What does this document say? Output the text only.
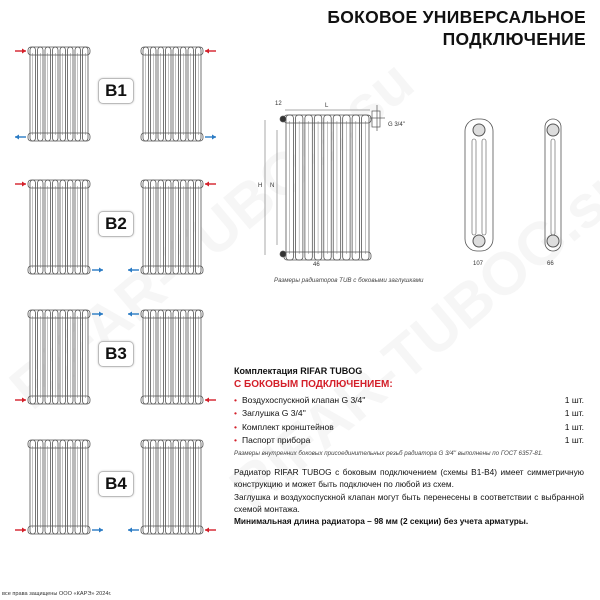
БОКОВОЕ УНИВЕРСАЛЬНОЕ
ПОДКЛЮЧЕНИЕ
B1
B2
B3
B4
12	L
G 3/4''
H N
46	107	66
Размеры радиаторов TUB с боковыми заглушками
Комплектация RIFAR TUBOG
С БОКОВЫМ ПОДКЛЮЧЕНИЕМ:
• Воздухоспускной клапан G 3/4''	1 шт.
• Заглушка G 3/4''	1 шт.
• Комплект кронштейнов	1 шт.
• Паспорт прибора	1 шт.
Размеры внутренних боковых присоединительных резьб радиатора G 3/4'' выполнены по ГОСТ 6357-81.
Радиатор RIFAR TUBOG с боковым подключением (схемы B1-B4) имеет симметричную конструкцию и может быть подключен по любой из схем.
Заглушка и воздухоспускной клапан могут быть перенесены в соответствии с выбранной схемой монтажа.
Минимальная длина радиатора – 98 мм (2 секции) без учета арматуры.
все права защищены ООО «КАРЭ» 2024г.
